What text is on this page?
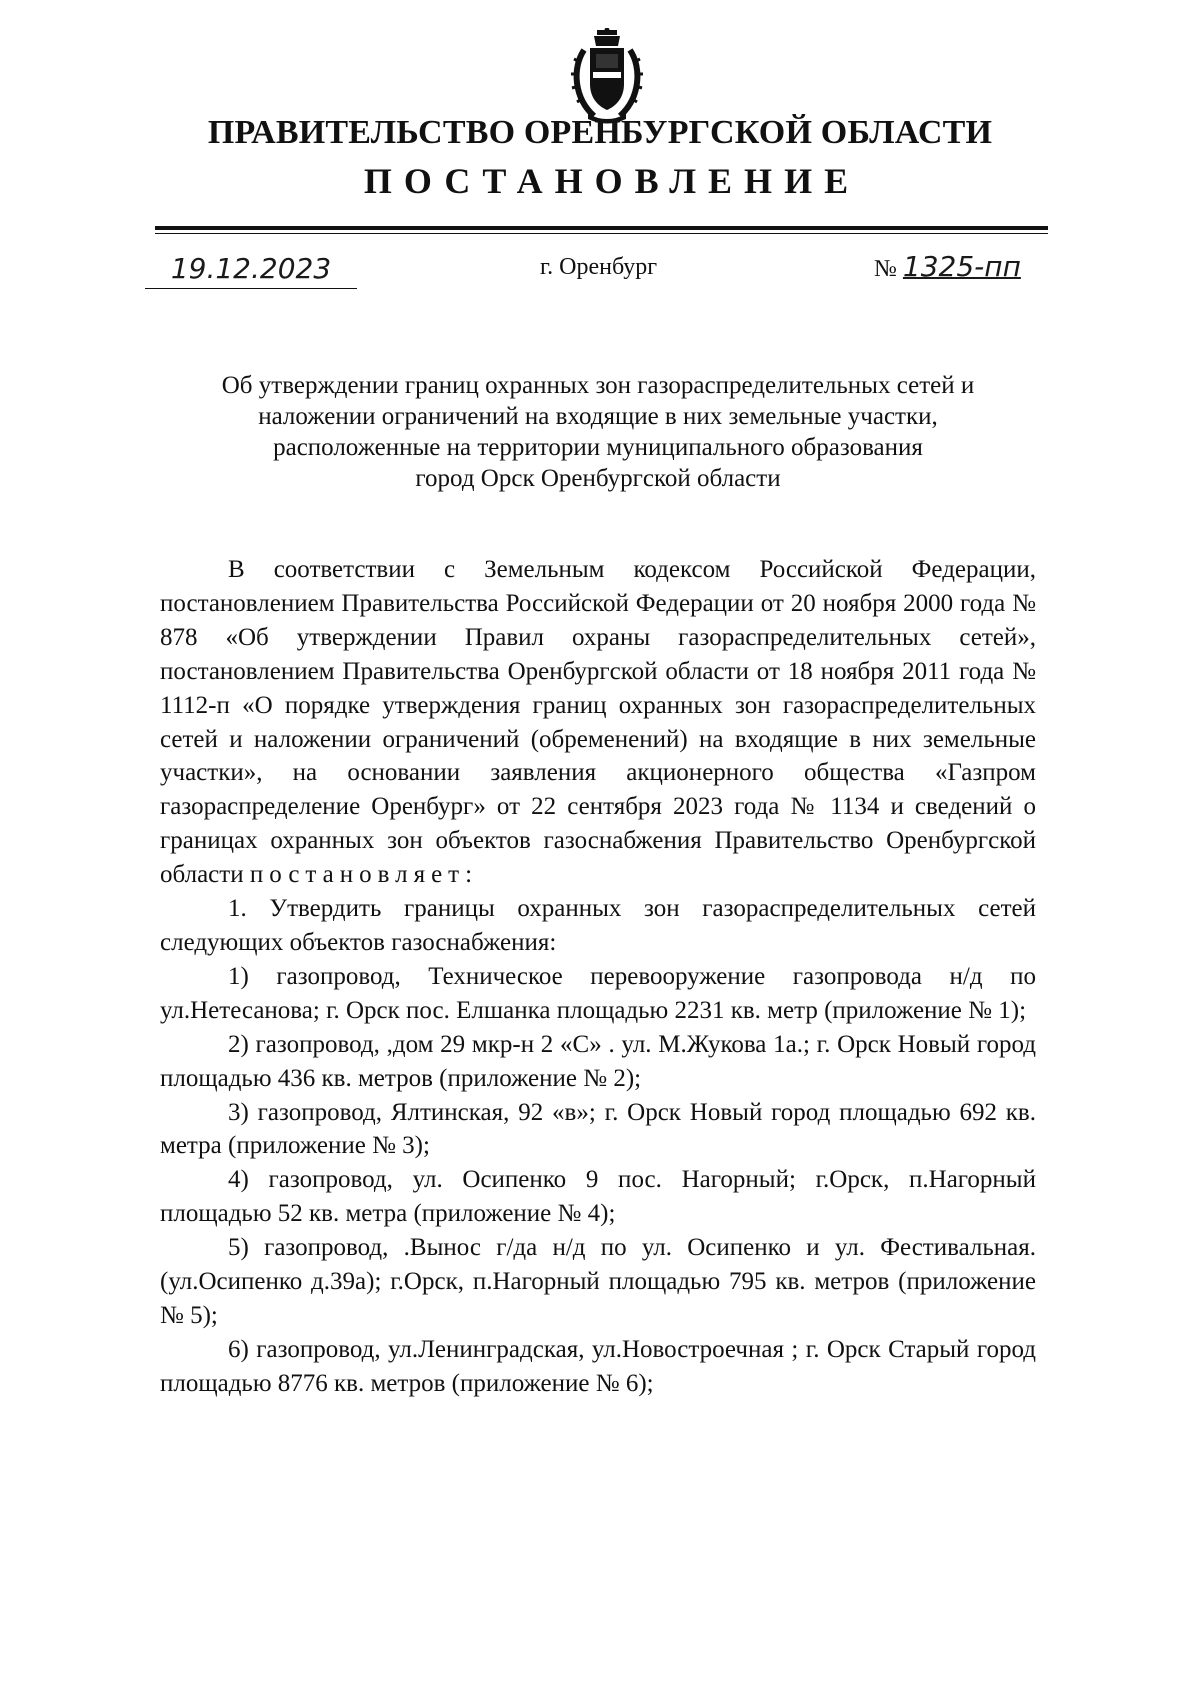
ПРАВИТЕЛЬСТВО ОРЕНБУРГСКОЙ ОБЛАСТИ
ПОСТАНОВЛЕНИЕ
19.12.2023	г. Оренбург	№ 1325-пп
Об утверждении границ охранных зон газораспределительных сетей и
наложении ограничений на входящие в них земельные участки,
расположенные на территории муниципального образования
город Орск Оренбургской области

В соответствии с Земельным кодексом Российской Федерации, постановлением Правительства Российской Федерации от 20 ноября 2000 года № 878 «Об утверждении Правил охраны газораспределительных сетей», постановлением Правительства Оренбургской области от 18 ноября 2011 года № 1112-п «О порядке утверждения границ охранных зон газораспределительных сетей и наложении ограничений (обременений) на входящие в них земельные участки», на основании заявления акционерного общества «Газпром газораспределение Оренбург» от 22 сентября 2023 года № 1134 и сведений о границах охранных зон объектов газоснабжения Правительство Оренбургской области постановляет:

1. Утвердить границы охранных зон газораспределительных сетей следующих объектов газоснабжения:

1) газопровод, Техническое перевооружение газопровода н/д по ул.Нетесанова; г. Орск пос. Елшанка площадью 2231 кв. метр (приложение № 1);

2) газопровод, ,дом 29 мкр-н 2 «С» . ул. М.Жукова 1а.; г. Орск Новый город площадью 436 кв. метров (приложение № 2);

3) газопровод, Ялтинская, 92 «в»; г. Орск Новый город площадью 692 кв. метра (приложение № 3);

4) газопровод, ул. Осипенко 9 пос. Нагорный; г.Орск, п.Нагорный площадью 52 кв. метра (приложение № 4);

5) газопровод, .Вынос г/да н/д по ул. Осипенко и ул. Фестивальная. (ул.Осипенко д.39а); г.Орск, п.Нагорный площадью 795 кв. метров (приложение № 5);

6) газопровод, ул.Ленинградская, ул.Новостроечная ; г. Орск Старый город площадью 8776 кв. метров (приложение № 6);
